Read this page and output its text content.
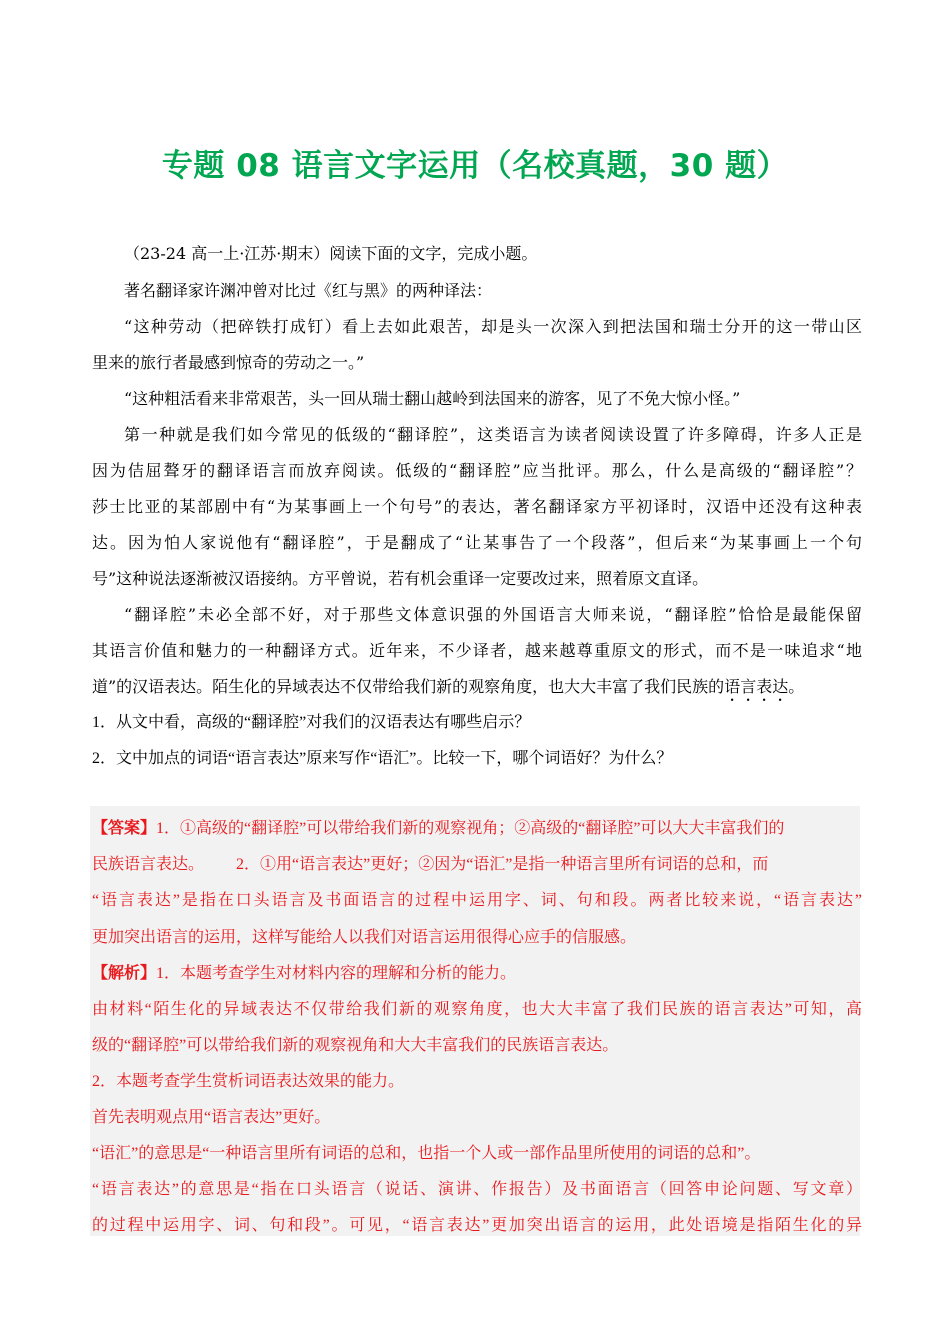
专题 08 语言文字运用（名校真题，30 题）
（23-24 高一上·江苏·期末）阅读下面的文字，完成小题。
著名翻译家许渊冲曾对比过《红与黑》的两种译法：
“这种劳动（把碎铁打成钉）看上去如此艰苦，却是头一次深入到把法国和瑞士分开的这一带山区
里来的旅行者最感到惊奇的劳动之一。”
“这种粗活看来非常艰苦，头一回从瑞士翻山越岭到法国来的游客，见了不免大惊小怪。”
第一种就是我们如今常见的低级的“翻译腔”，这类语言为读者阅读设置了许多障碍，许多人正是
因为佶屈聱牙的翻译语言而放弃阅读。低级的“翻译腔”应当批评。那么，什么是高级的“翻译腔”？
莎士比亚的某部剧中有“为某事画上一个句号”的表达，著名翻译家方平初译时，汉语中还没有这种表
达。因为怕人家说他有“翻译腔”，于是翻成了“让某事告了一个段落”，但后来“为某事画上一个句
号”这种说法逐渐被汉语接纳。方平曾说，若有机会重译一定要改过来，照着原文直译。
“翻译腔”未必全部不好，对于那些文体意识强的外国语言大师来说，“翻译腔”恰恰是最能保留
其语言价值和魅力的一种翻译方式。近年来，不少译者，越来越尊重原文的形式，而不是一味追求“地
道”的汉语表达。陌生化的异域表达不仅带给我们新的观察角度，也大大丰富了我们民族的语言表达。
1．从文中看，高级的“翻译腔”对我们的汉语表达有哪些启示？
2．文中加点的词语“语言表达”原来写作“语汇”。比较一下，哪个词语好？为什么？
【答案】1．①高级的“翻译腔”可以带给我们新的观察视角；②高级的“翻译腔”可以大大丰富我们的
民族语言表达。        2．①用“语言表达”更好；②因为“语汇”是指一种语言里所有词语的总和，而
“语言表达”是指在口头语言及书面语言的过程中运用字、词、句和段。两者比较来说，“语言表达”
更加突出语言的运用，这样写能给人以我们对语言运用很得心应手的信服感。
【解析】1．本题考查学生对材料内容的理解和分析的能力。
由材料“陌生化的异域表达不仅带给我们新的观察角度，也大大丰富了我们民族的语言表达”可知，高
级的“翻译腔”可以带给我们新的观察视角和大大丰富我们的民族语言表达。
2．本题考查学生赏析词语表达效果的能力。
首先表明观点用“语言表达”更好。
“语汇”的意思是“一种语言里所有词语的总和，也指一个人或一部作品里所使用的词语的总和”。
“语言表达”的意思是“指在口头语言（说话、演讲、作报告）及书面语言（回答申论问题、写文章）
的过程中运用字、词、句和段”。可见，“语言表达”更加突出语言的运用，此处语境是指陌生化的异
